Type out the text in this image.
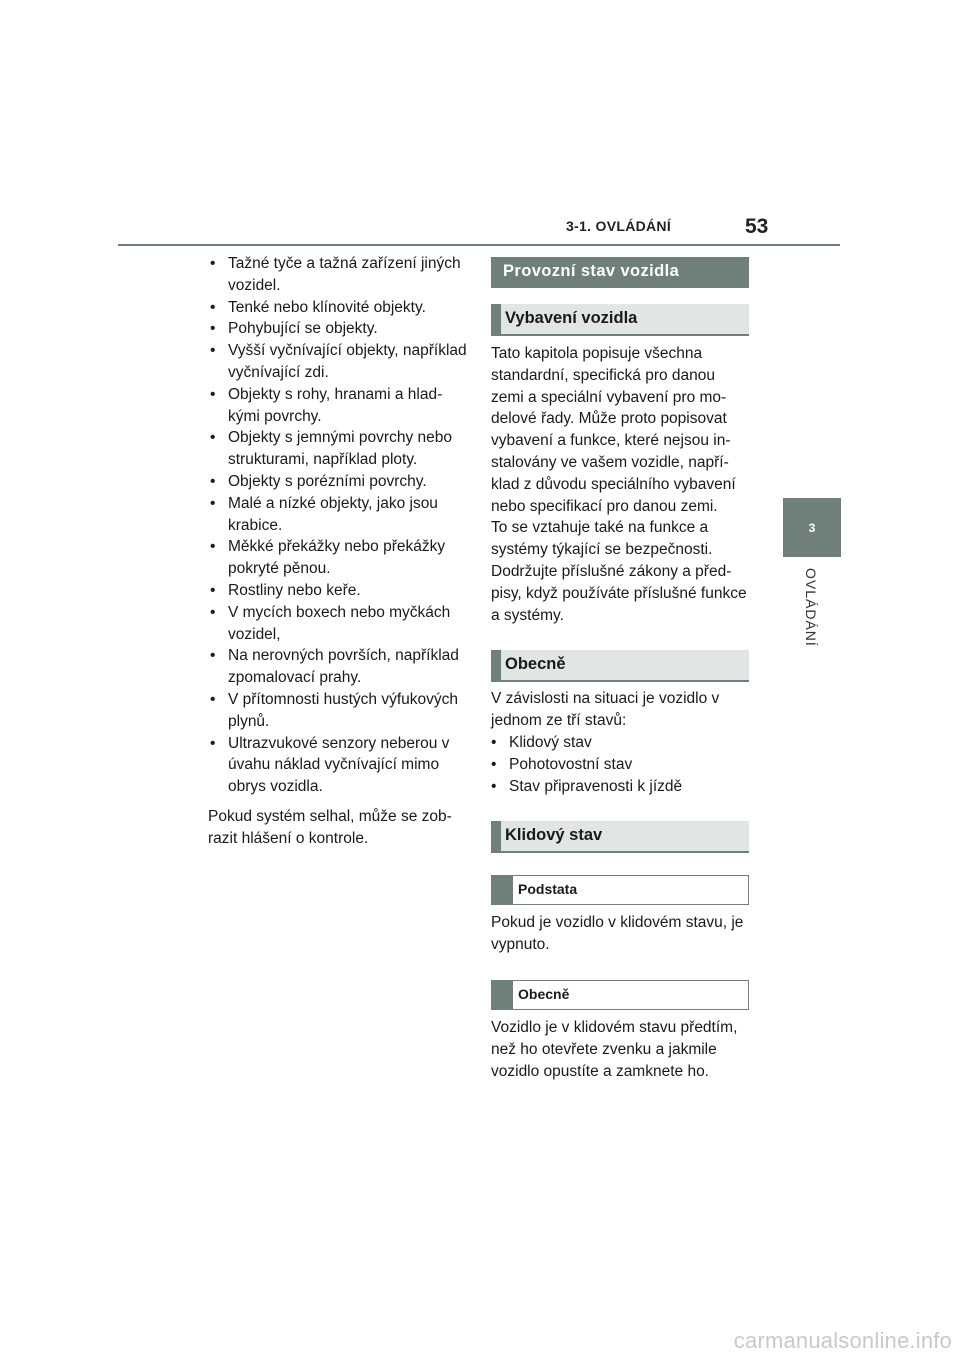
3-1. OVLÁDÁNÍ	53
3
OVLÁDÁNÍ
• Tažné tyče a tažná zařízení jiných vozidel.
• Tenké nebo klínovité objekty.
• Pohybující se objekty.
• Vyšší vyčnívající objekty, například vyčnívající zdi.
• Objekty s rohy, hranami a hladkými povrchy.
• Objekty s jemnými povrchy nebo strukturami, například ploty.
• Objekty s porézními povrchy.
• Malé a nízké objekty, jako jsou krabice.
• Měkké překážky nebo překážky pokryté pěnou.
• Rostliny nebo keře.
• V mycích boxech nebo myčkách vozidel,
• Na nerovných površích, například zpomalovací prahy.
• V přítomnosti hustých výfukových plynů.
• Ultrazvukové senzory neberou v úvahu náklad vyčnívající mimo obrys vozidla.

Pokud systém selhal, může se zobrazit hlášení o kontrole.

Provozní stav vozidla
Vybavení vozidla

Tato kapitola popisuje všechna standardní, specifická pro danou zemi a speciální vybavení pro modelové řady. Může proto popisovat vybavení a funkce, které nejsou instalovány ve vašem vozidle, například z důvodu speciálního vybavení nebo specifikací pro danou zemi.

To se vztahuje také na funkce a systémy týkající se bezpečnosti.

Dodržujte příslušné zákony a předpisy, když používáte příslušné funkce a systémy.

Obecně

V závislosti na situaci je vozidlo v jednom ze tří stavů:

• Klidový stav
• Pohotovostní stav
• Stav připravenosti k jízdě
Klidový stav
Podstata

Pokud je vozidlo v klidovém stavu, je vypnuto.

Obecně

Vozidlo je v klidovém stavu předtím, než ho otevřete zvenku a jakmile vozidlo opustíte a zamknete ho.

carmanualsonline.info
